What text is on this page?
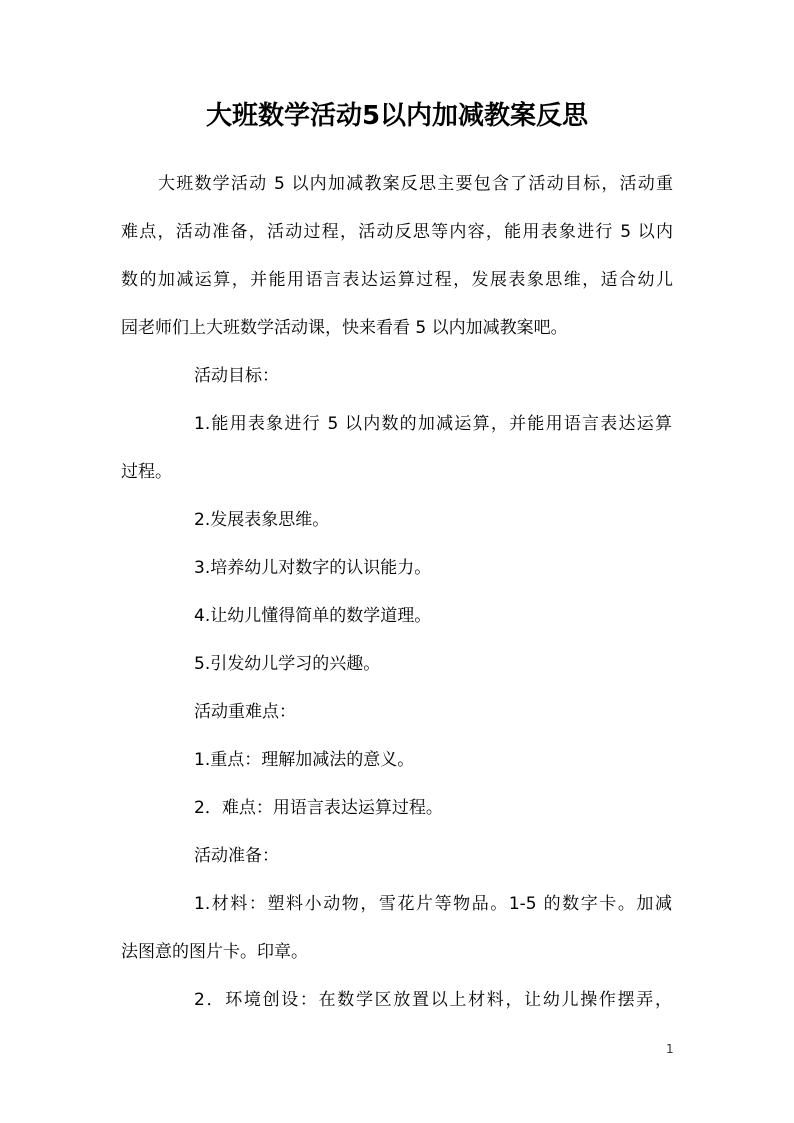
大班数学活动5以内加减教案反思
大班数学活动 5 以内加减教案反思主要包含了活动目标，活动重
难点，活动准备，活动过程，活动反思等内容，能用表象进行 5 以内
数的加减运算，并能用语言表达运算过程，发展表象思维，适合幼儿
园老师们上大班数学活动课，快来看看 5 以内加减教案吧。
活动目标：
1.能用表象进行 5 以内数的加减运算，并能用语言表达运算
过程。
2.发展表象思维。
3.培养幼儿对数字的认识能力。
4.让幼儿懂得简单的数学道理。
5.引发幼儿学习的兴趣。
活动重难点：
1.重点：理解加减法的意义。
2．难点：用语言表达运算过程。
活动准备：
1.材料：塑料小动物，雪花片等物品。1-5 的数字卡。加减
法图意的图片卡。印章。
2．环境创设：在数学区放置以上材料，让幼儿操作摆弄，
1
